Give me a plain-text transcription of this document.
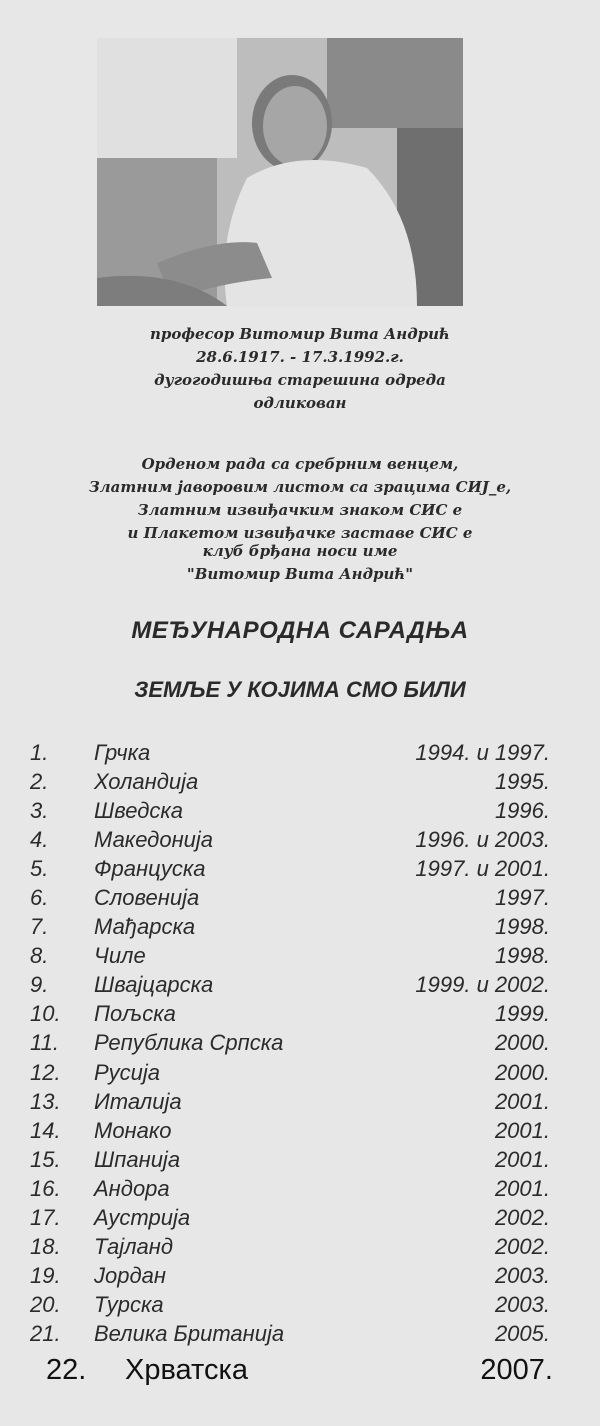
професор Витомир Вита Андрић
28.6.1917. - 17.3.1992.г.
дугогодишња старешина одреда
одликован
Орденом рада са сребрним венцем,
Златним јаворовим листом са зрацима СИЈ_е,
Златним извиђачким знаком СИС е
и Плакетом извиђачке заставе СИС е
клуб брђана носи име
"Витомир Вита Андрић"
МЕЂУНАРОДНА САРАДЊА
ЗЕМЉЕ У КОЈИМА СМО БИЛИ
1. Грчка	1994. и 1997.
2. Холандија	1995.
3. Шведска	1996.
4. Македонија	1996. и 2003.
5. Француска	1997. и 2001.
6. Словенија	1997.
7. Мађарска	1998.
8. Чиле	1998.
9. Швајцарска	1999. и 2002.
10. Пољска	1999.
11. Република Српска	2000.
12. Русија	2000.
13. Италија	2001.
14. Монако	2001.
15. Шпанија	2001.
16. Андора	2001.
17. Аустрија	2002.
18. Тајланд	2002.
19. Јордан	2003.
20. Турска	2003.
21. Велика Британија	2005.
22. Хрватска	2007.
